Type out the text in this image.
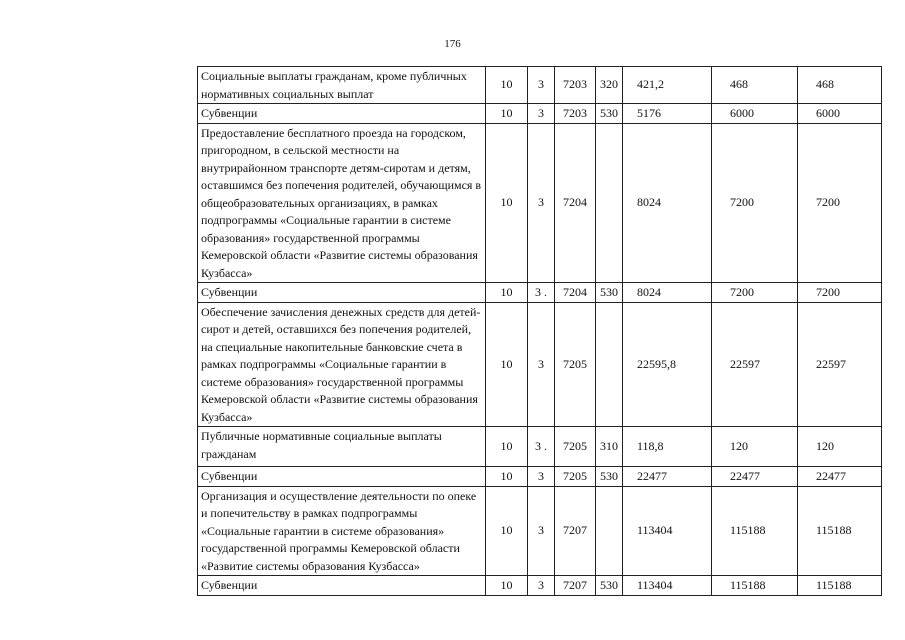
176
Социальные выплаты гражданам, кроме публичных нормативных социальных выплат	10	3	7203	320	421,2	468	468
Субвенции	10	3	7203	530	5176	6000	6000
Предоставление бесплатного проезда на городском, пригородном, в сельской местности на внутрирайонном транспорте детям-сиротам и детям, оставшимся без попечения родителей, обучающимся в общеобразовательных организациях, в рамках подпрограммы «Социальные гарантии в системе образования» государственной программы Кемеровской области «Развитие системы образования Кузбасса»	10	3	7204		8024	7200	7200
Субвенции	10	3 .	7204	530	8024	7200	7200
Обеспечение зачисления денежных средств для детей-сирот и детей, оставшихся без попечения родителей, на специальные накопительные банковские счета в рамках подпрограммы «Социальные гарантии в системе образования» государственной программы Кемеровской области «Развитие системы образования Кузбасса»	10	3	7205		22595,8	22597	22597
Публичные нормативные социальные выплаты гражданам	10	3 .	7205	310	118,8	120	120
Субвенции	10	3	7205	530	22477	22477	22477
Организация и осуществление деятельности по опеке и попечительству в рамках подпрограммы «Социальные гарантии в системе образования» государственной программы Кемеровской области «Развитие системы образования Кузбасса»	10	3	7207		113404	115188	115188
Субвенции	10	3	7207	530	113404	115188	115188
